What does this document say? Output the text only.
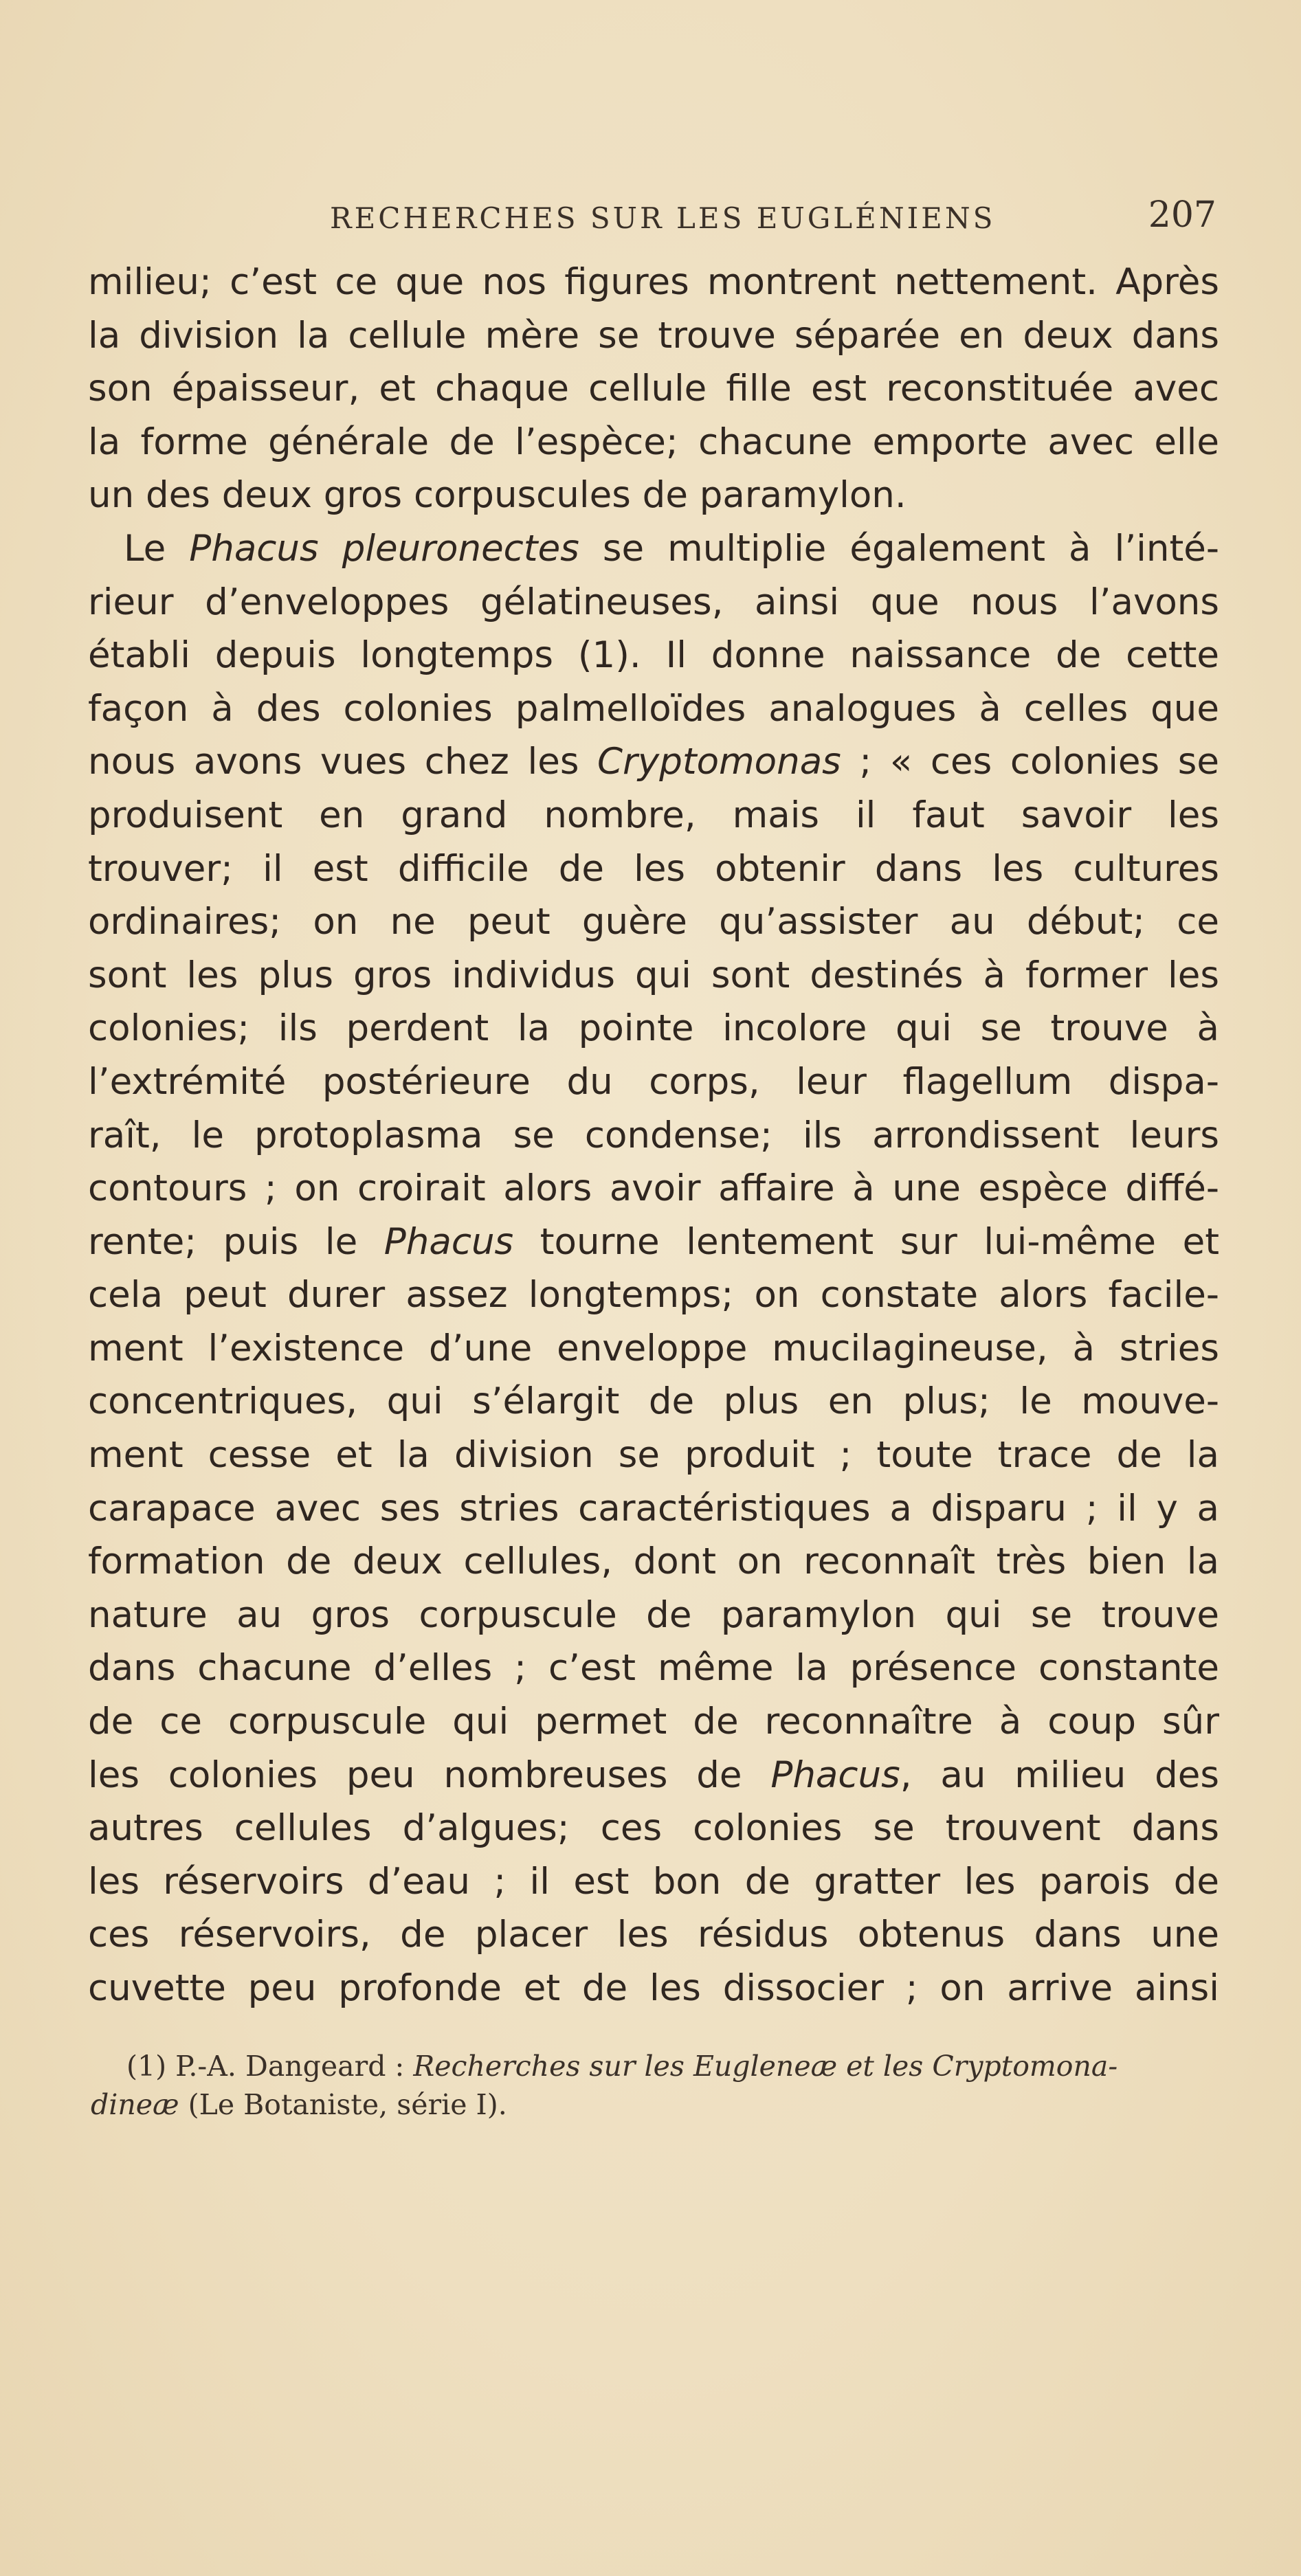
RECHERCHES SUR LES EUGLÉNIENS	207
milieu; c’est ce que nos figures montrent nettement. Après
la division la cellule mère se trouve séparée en deux dans
son épaisseur, et chaque cellule fille est reconstituée avec
la forme générale de l’espèce; chacune emporte avec elle
un des deux gros corpuscules de paramylon.
Le Phacus pleuronectes se multiplie également à l’inté-
rieur d’enveloppes gélatineuses, ainsi que nous l’avons
établi depuis longtemps (1). Il donne naissance de cette
façon à des colonies palmelloïdes analogues à celles que
nous avons vues chez les Cryptomonas ; « ces colonies se
produisent en grand nombre, mais il faut savoir les
trouver; il est difficile de les obtenir dans les cultures
ordinaires; on ne peut guère qu’assister au début; ce
sont les plus gros individus qui sont destinés à former les
colonies; ils perdent la pointe incolore qui se trouve à
l’extrémité postérieure du corps, leur flagellum dispa-
raît, le protoplasma se condense; ils arrondissent leurs
contours ; on croirait alors avoir affaire à une espèce diffé-
rente; puis le Phacus tourne lentement sur lui-même et
cela peut durer assez longtemps; on constate alors facile-
ment l’existence d’une enveloppe mucilagineuse, à stries
concentriques, qui s’élargit de plus en plus; le mouve-
ment cesse et la division se produit ; toute trace de la
carapace avec ses stries caractéristiques a disparu ; il y a
formation de deux cellules, dont on reconnaît très bien la
nature au gros corpuscule de paramylon qui se trouve
dans chacune d’elles ; c’est même la présence constante
de ce corpuscule qui permet de reconnaître à coup sûr
les colonies peu nombreuses de Phacus, au milieu des
autres cellules d’algues; ces colonies se trouvent dans
les réservoirs d’eau ; il est bon de gratter les parois de
ces réservoirs, de placer les résidus obtenus dans une
cuvette peu profonde et de les dissocier ; on arrive ainsi
(1) P.-A. Dangeard : Recherches sur les Eugleneæ et les Cryptomona-
dineæ (Le Botaniste, série I).
